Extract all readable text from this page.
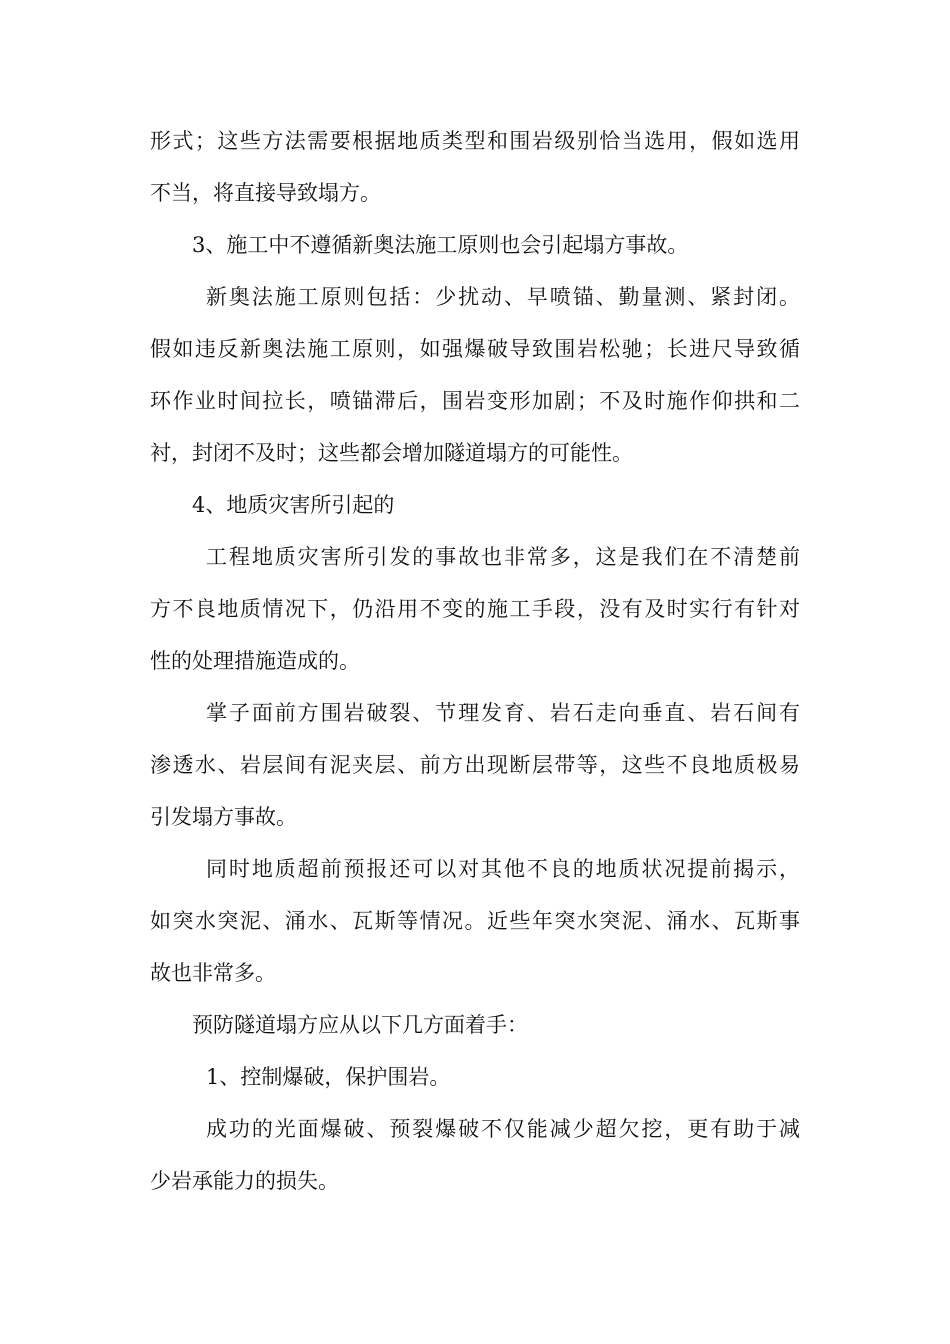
形式；这些方法需要根据地质类型和围岩级别恰当选用，假如选用
不当，将直接导致塌方。
3、施工中不遵循新奥法施工原则也会引起塌方事故。
新奥法施工原则包括：少扰动、早喷锚、勤量测、紧封闭。
假如违反新奥法施工原则，如强爆破导致围岩松驰；长进尺导致循
环作业时间拉长，喷锚滞后，围岩变形加剧；不及时施作仰拱和二
衬，封闭不及时；这些都会增加隧道塌方的可能性。
4、地质灾害所引起的
工程地质灾害所引发的事故也非常多，这是我们在不清楚前
方不良地质情况下，仍沿用不变的施工手段，没有及时实行有针对
性的处理措施造成的。
掌子面前方围岩破裂、节理发育、岩石走向垂直、岩石间有
渗透水、岩层间有泥夹层、前方出现断层带等，这些不良地质极易
引发塌方事故。
同时地质超前预报还可以对其他不良的地质状况提前揭示，
如突水突泥、涌水、瓦斯等情况。近些年突水突泥、涌水、瓦斯事
故也非常多。
预防隧道塌方应从以下几方面着手：
1、控制爆破，保护围岩。
成功的光面爆破、预裂爆破不仅能减少超欠挖，更有助于减
少岩承能力的损失。
